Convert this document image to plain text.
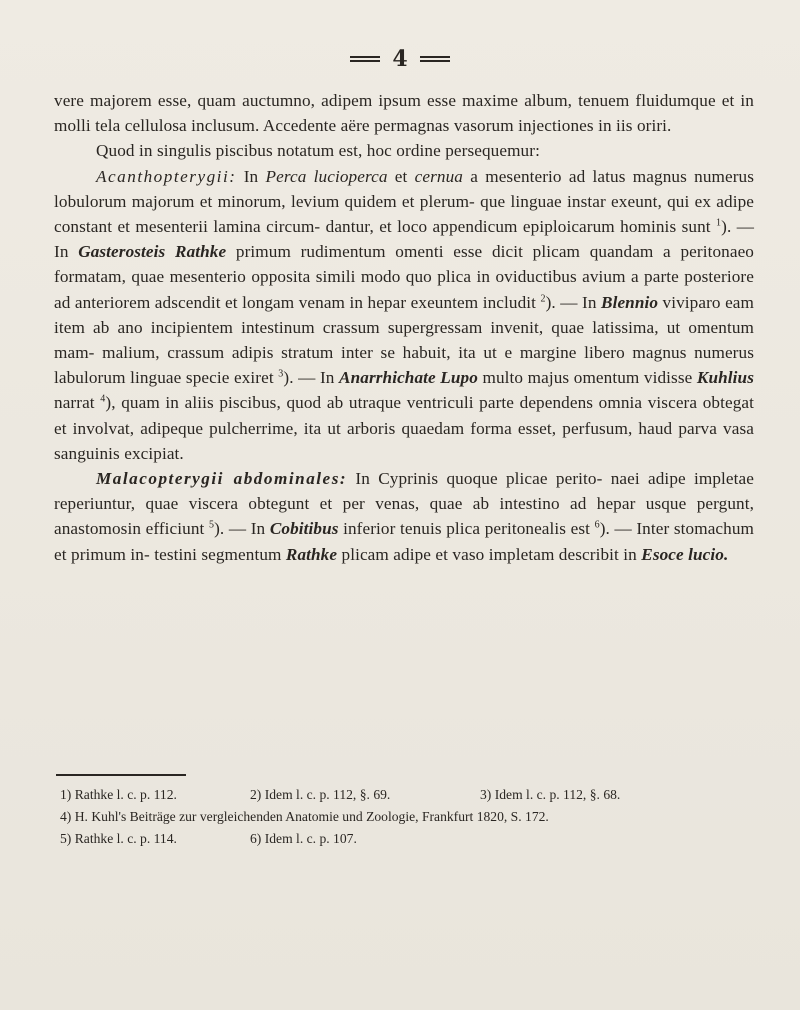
4

vere majorem esse, quam auctumno, adipem ipsum esse maxime album, tenuem fluidumque et in molli tela cellulosa inclusum. Accedente aëre permagnas vasorum injectiones in iis oriri.

Quod in singulis piscibus notatum est, hoc ordine persequemur:

Acanthopterygii: In Perca lucioperca et cernua a mesenterio ad latus magnus numerus lobulorum majorum et minorum, levium quidem et plerum- que linguae instar exeunt, qui ex adipe constant et mesenterii lamina circum- dantur, et loco appendicum epiploicarum hominis sunt $^1$). — In Gasterosteis Rathke primum rudimentum omenti esse dicit plicam quandam a peritonaeo formatam, quae mesenterio opposita simili modo quo plica in oviductibus avium a parte posteriore ad anteriorem adscendit et longam venam in hepar exeuntem includit $^2$). — In Blennio viviparo eam item ab ano incipientem intestinum crassum supergressam invenit, quae latissima, ut omentum mam- malium, crassum adipis stratum inter se habuit, ita ut e margine libero magnus numerus labulorum linguae specie exiret $^3$). — In Anarrhichate Lupo multo majus omentum vidisse Kuhlius narrat $^4$), quam in aliis piscibus, quod ab utraque ventriculi parte dependens omnia viscera obtegat et involvat, adipeque pulcherrime, ita ut arboris quaedam forma esset, perfusum, haud parva vasa sanguinis excipiat.

Malacopterygii abdominales: In Cyprinis quoque plicae perito- naei adipe impletae reperiuntur, quae viscera obtegunt et per venas, quae ab intestino ad hepar usque pergunt, anastomosin efficiunt $^5$). — In Cobitibus inferior tenuis plica peritonealis est $^6$). — Inter stomachum et primum in- testini segmentum Rathke plicam adipe et vaso impletam describit in Esoce lucio.

1) Rathke l. c. p. 112.	2) Idem l. c. p. 112, §. 69.	3) Idem l. c. p. 112, §. 68.
4) H. Kuhl's Beiträge zur vergleichenden Anatomie und Zoologie, Frankfurt 1820, S. 172.
5) Rathke l. c. p. 114.	6) Idem l. c. p. 107.
